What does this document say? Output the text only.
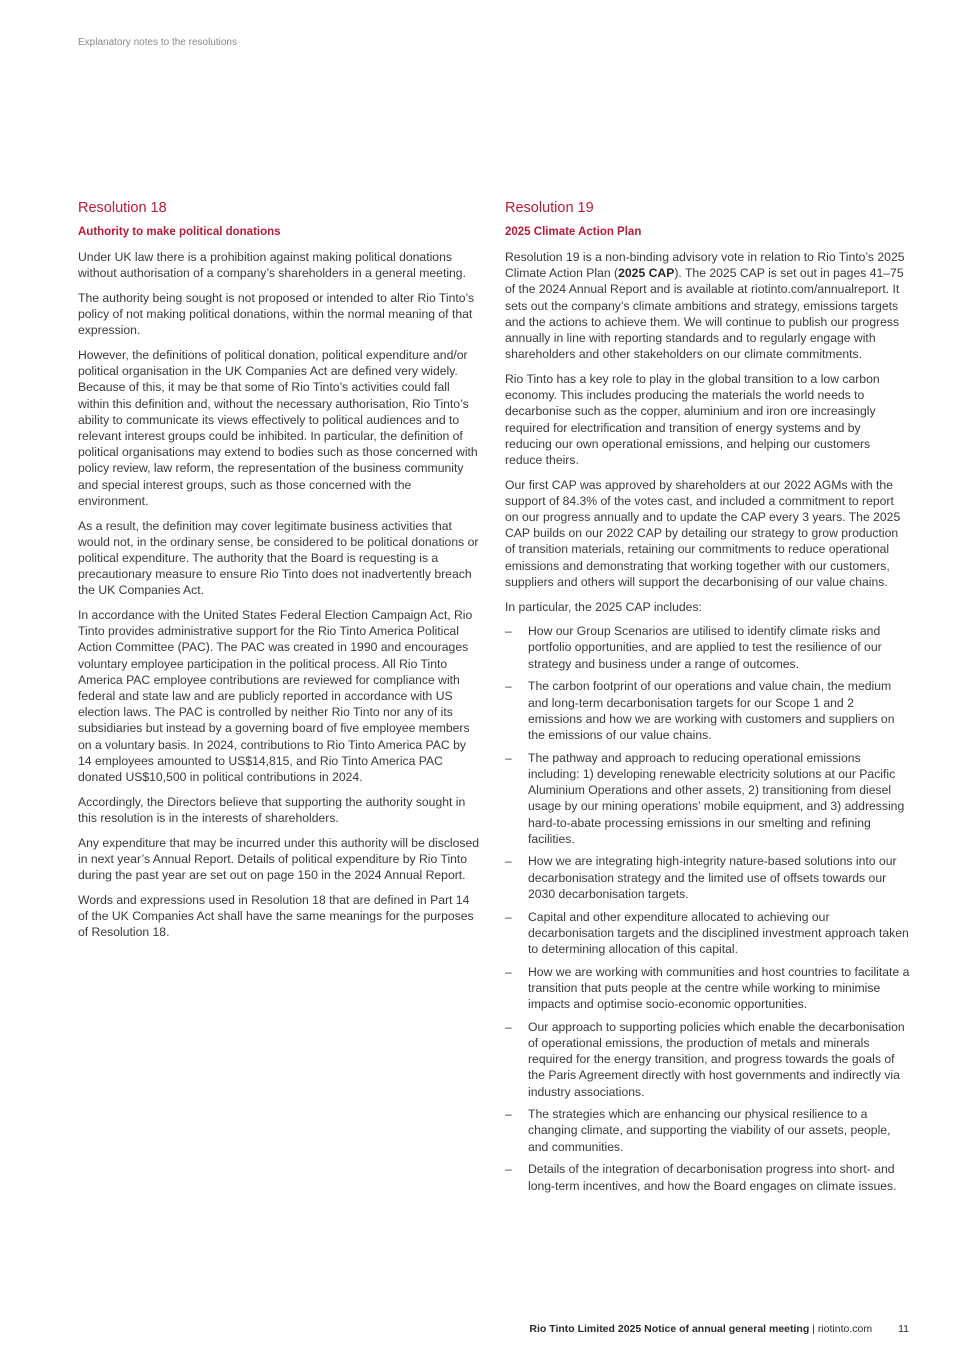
Explanatory notes to the resolutions
Resolution 18
Authority to make political donations

Under UK law there is a prohibition against making political donations without authorisation of a company’s shareholders in a general meeting.

The authority being sought is not proposed or intended to alter Rio Tinto’s policy of not making political donations, within the normal meaning of that expression.

However, the definitions of political donation, political expenditure and/or political organisation in the UK Companies Act are defined very widely. Because of this, it may be that some of Rio Tinto’s activities could fall within this definition and, without the necessary authorisation, Rio Tinto’s ability to communicate its views effectively to political audiences and to relevant interest groups could be inhibited. In particular, the definition of political organisations may extend to bodies such as those concerned with policy review, law reform, the representation of the business community and special interest groups, such as those concerned with the environment.

As a result, the definition may cover legitimate business activities that would not, in the ordinary sense, be considered to be political donations or political expenditure. The authority that the Board is requesting is a precautionary measure to ensure Rio Tinto does not inadvertently breach the UK Companies Act.

In accordance with the United States Federal Election Campaign Act, Rio Tinto provides administrative support for the Rio Tinto America Political Action Committee (PAC). The PAC was created in 1990 and encourages voluntary employee participation in the political process. All Rio Tinto America PAC employee contributions are reviewed for compliance with federal and state law and are publicly reported in accordance with US election laws. The PAC is controlled by neither Rio Tinto nor any of its subsidiaries but instead by a governing board of five employee members on a voluntary basis. In 2024, contributions to Rio Tinto America PAC by 14 employees amounted to US$14,815, and Rio Tinto America PAC donated US$10,500 in political contributions in 2024.

Accordingly, the Directors believe that supporting the authority sought in this resolution is in the interests of shareholders.

Any expenditure that may be incurred under this authority will be disclosed in next year’s Annual Report. Details of political expenditure by Rio Tinto during the past year are set out on page 150 in the 2024 Annual Report.

Words and expressions used in Resolution 18 that are defined in Part 14 of the UK Companies Act shall have the same meanings for the purposes of Resolution 18.

Resolution 19
2025 Climate Action Plan

Resolution 19 is a non-binding advisory vote in relation to Rio Tinto’s 2025 Climate Action Plan (2025 CAP). The 2025 CAP is set out in pages 41–75 of the 2024 Annual Report and is available at riotinto.com/annualreport. It sets out the company’s climate ambitions and strategy, emissions targets and the actions to achieve them. We will continue to publish our progress annually in line with reporting standards and to regularly engage with shareholders and other stakeholders on our climate commitments.

Rio Tinto has a key role to play in the global transition to a low carbon economy. This includes producing the materials the world needs to decarbonise such as the copper, aluminium and iron ore increasingly required for electrification and transition of energy systems and by reducing our own operational emissions, and helping our customers reduce theirs.

Our first CAP was approved by shareholders at our 2022 AGMs with the support of 84.3% of the votes cast, and included a commitment to report on our progress annually and to update the CAP every 3 years. The 2025 CAP builds on our 2022 CAP by detailing our strategy to grow production of transition materials, retaining our commitments to reduce operational emissions and demonstrating that working together with our customers, suppliers and others will support the decarbonising of our value chains.

In particular, the 2025 CAP includes:

– How our Group Scenarios are utilised to identify climate risks and portfolio opportunities, and are applied to test the resilience of our strategy and business under a range of outcomes.
– The carbon footprint of our operations and value chain, the medium and long-term decarbonisation targets for our Scope 1 and 2 emissions and how we are working with customers and suppliers on the emissions of our value chains.
– The pathway and approach to reducing operational emissions including: 1) developing renewable electricity solutions at our Pacific Aluminium Operations and other assets, 2) transitioning from diesel usage by our mining operations’ mobile equipment, and 3) addressing hard-to-abate processing emissions in our smelting and refining facilities.
– How we are integrating high-integrity nature-based solutions into our decarbonisation strategy and the limited use of offsets towards our 2030 decarbonisation targets.
– Capital and other expenditure allocated to achieving our decarbonisation targets and the disciplined investment approach taken to determining allocation of this capital.
– How we are working with communities and host countries to facilitate a transition that puts people at the centre while working to minimise impacts and optimise socio-economic opportunities.
– Our approach to supporting policies which enable the decarbonisation of operational emissions, the production of metals and minerals required for the energy transition, and progress towards the goals of the Paris Agreement directly with host governments and indirectly via industry associations.
– The strategies which are enhancing our physical resilience to a changing climate, and supporting the viability of our assets, people, and communities.
– Details of the integration of decarbonisation progress into short- and long-term incentives, and how the Board engages on climate issues.
Rio Tinto Limited 2025 Notice of annual general meeting | riotinto.com 11
